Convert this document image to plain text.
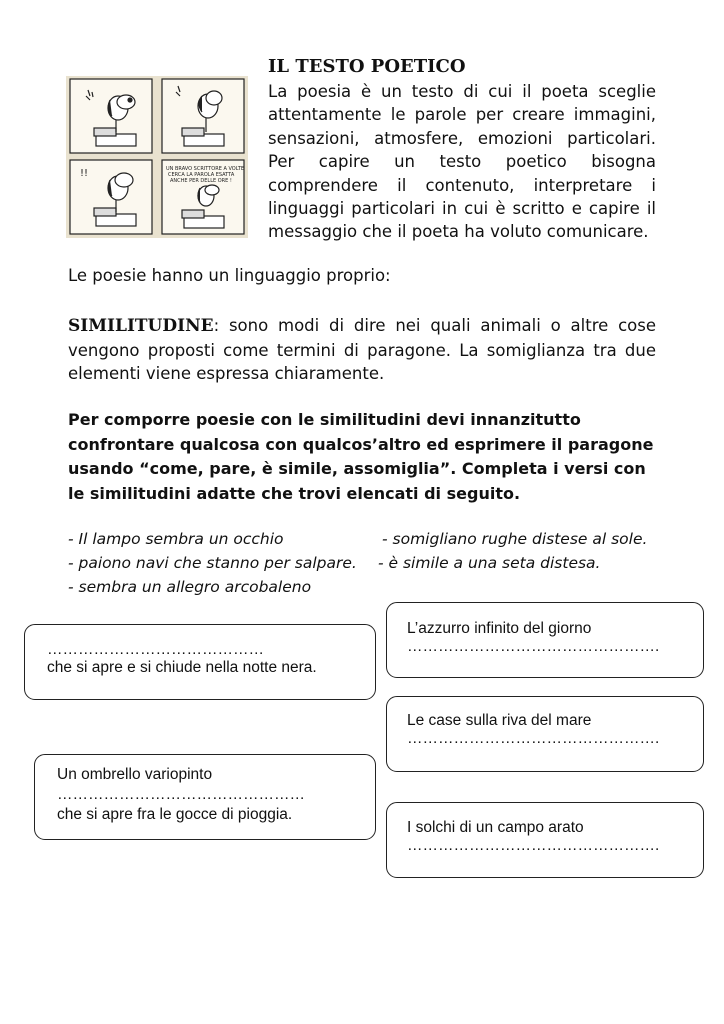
!!	UN BRAVO SCRITTORE A VOLTE
CERCA LA PAROLA ESATTA
ANCHE PER DELLE ORE !
IL TESTO POETICO

La poesia è un testo di cui il poeta sceglie attentamente le parole per creare immagini, sensazioni, atmosfere, emozioni particolari. Per capire un testo poetico bisogna comprendere il contenuto, interpretare i linguaggi particolari in cui è scritto e capire il messaggio che il poeta ha voluto comunicare.

Le poesie hanno un linguaggio proprio:

SIMILITUDINE: sono modi di dire nei quali animali o altre cose vengono proposti come termini di paragone. La somiglianza tra due elementi viene espressa chiaramente.

Per comporre poesie con le similitudini devi innanzitutto confrontare qualcosa con qualcos’altro ed esprimere il paragone usando “come, pare, è simile, assomiglia”. Completa i versi con le similitudini adatte che trovi elencati di seguito.

- Il lampo sembra un occhio	- somigliano rughe distese al sole.

- paiono navi che stanno per salpare. - è simile a una seta distesa.

- sembra un allegro arcobaleno

L’azzurro infinito del giorno

………………………………………….

……………………………………

che si apre e si chiude nella notte nera.

Le case sulla riva del mare

………………………………………….

Un ombrello variopinto

…………………………………………

che si apre fra le gocce di pioggia.

I solchi di un campo arato

………………………………………….
